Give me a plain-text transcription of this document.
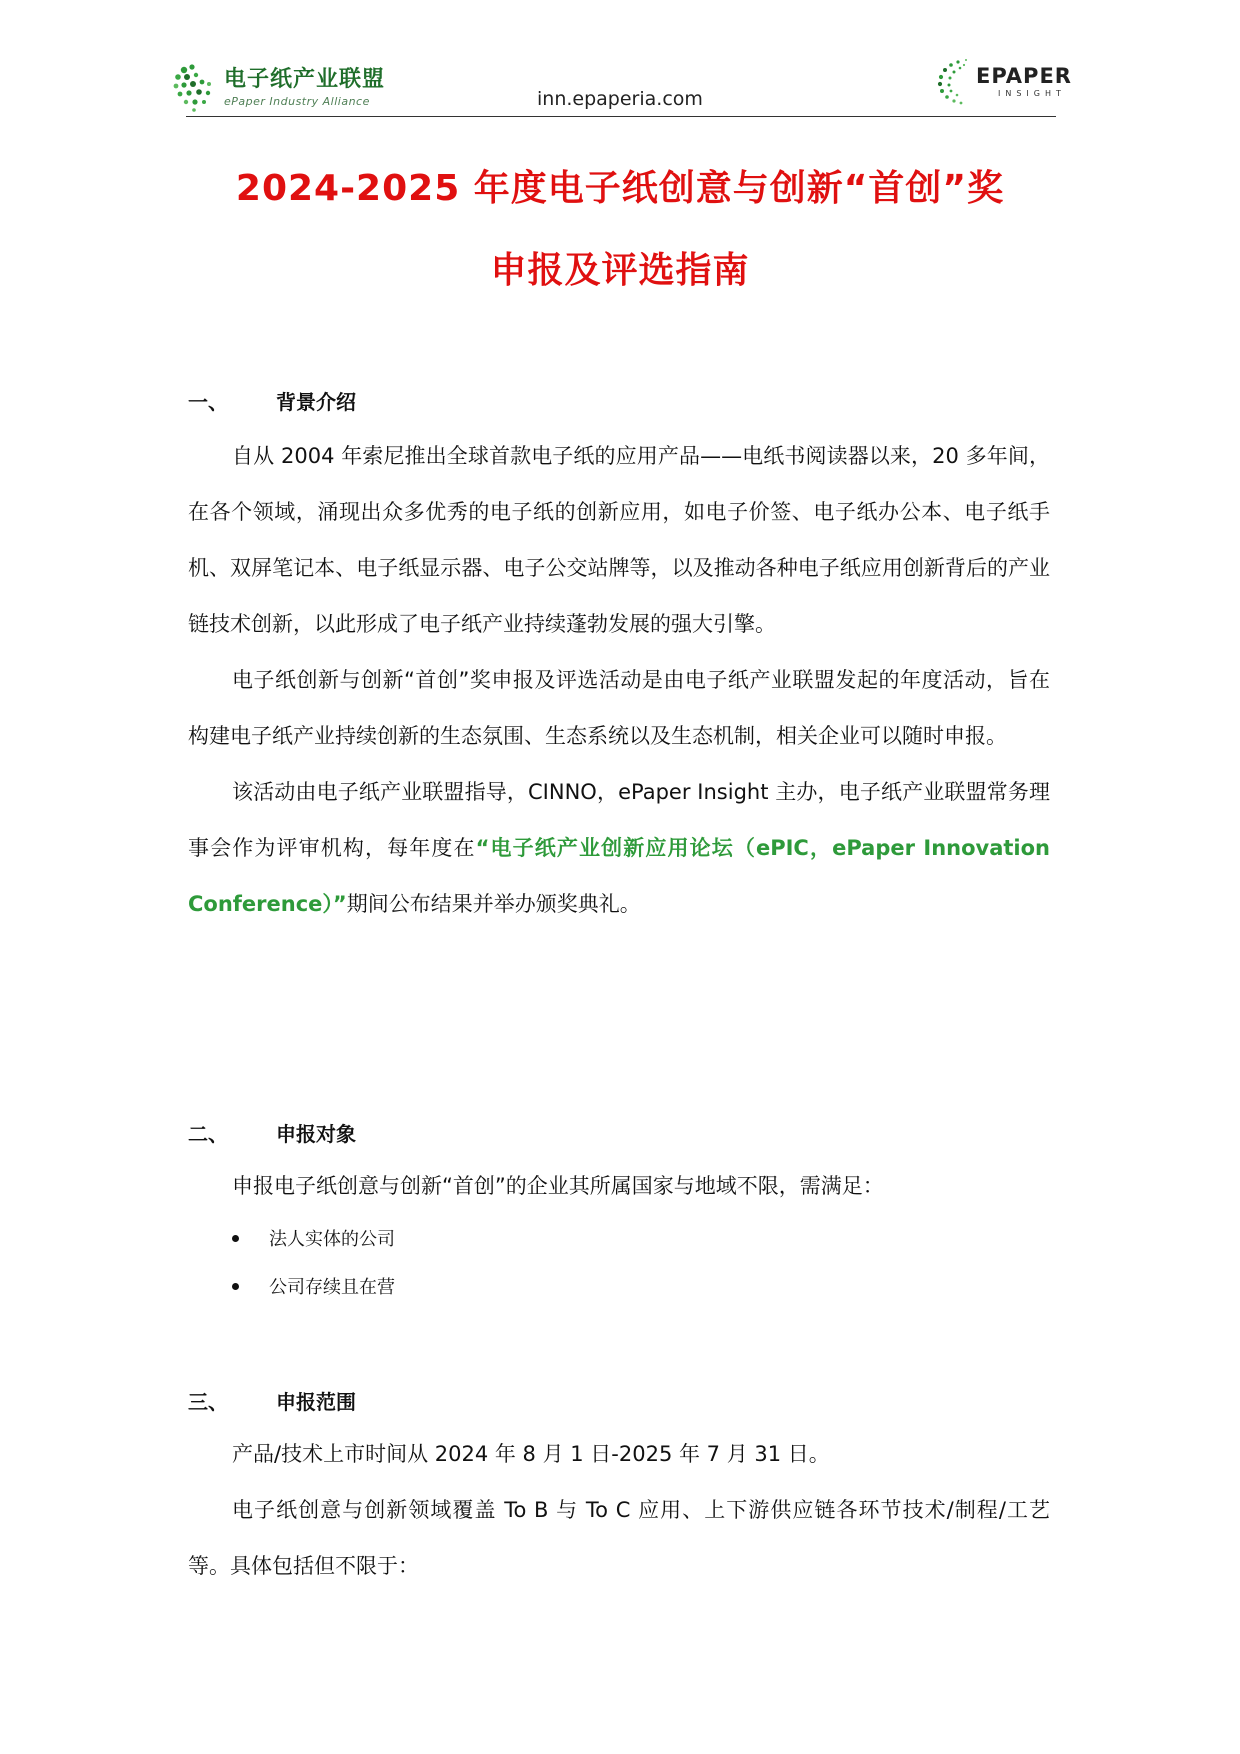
电子纸产业联盟
ePaper Industry Alliance	inn.epaperia.com
EPAPER
INSIGHT
2024-2025 年度电子纸创意与创新“首创”奖
申报及评选指南
一、	背景介绍

自从 2004 年索尼推出全球首款电子纸的应用产品——电纸书阅读器以来，20 多年间，在各个领域，涌现出众多优秀的电子纸的创新应用，如电子价签、电子纸办公本、电子纸手机、双屏笔记本、电子纸显示器、电子公交站牌等，以及推动各种电子纸应用创新背后的产业链技术创新，以此形成了电子纸产业持续蓬勃发展的强大引擎。

电子纸创新与创新“首创”奖申报及评选活动是由电子纸产业联盟发起的年度活动，旨在构建电子纸产业持续创新的生态氛围、生态系统以及生态机制，相关企业可以随时申报。

该活动由电子纸产业联盟指导，CINNO，ePaper Insight 主办，电子纸产业联盟常务理事会作为评审机构，每年度在“电子纸产业创新应用论坛（ePIC，ePaper Innovation Conference）”期间公布结果并举办颁奖典礼。

二、	申报对象

申报电子纸创意与创新“首创”的企业其所属国家与地域不限，需满足：

法人实体的公司
公司存续且在营
三、	申报范围

产品/技术上市时间从 2024 年 8 月 1 日-2025 年 7 月 31 日。

电子纸创意与创新领域覆盖 To B 与 To C 应用、上下游供应链各环节技术/制程/工艺等。具体包括但不限于：
